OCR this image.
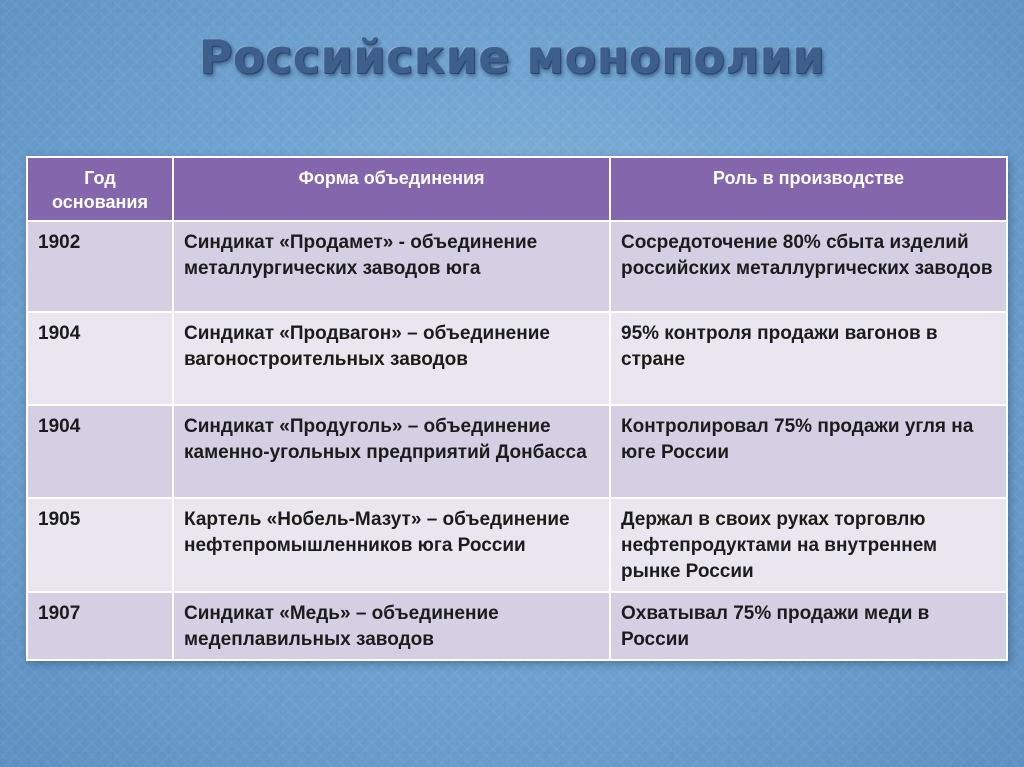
Российские монополии
Год основания	Форма объединения	Роль в производстве
1902	Синдикат «Продамет» - объединение металлургических заводов юга	Сосредоточение 80% сбыта изделий российских металлургических заводов
1904	Синдикат «Продвагон» – объединение вагоностроительных заводов	95% контроля продажи вагонов в стране
1904	Синдикат «Продуголь» – объединение каменно-угольных предприятий Донбасса	Контролировал 75% продажи угля на юге России
1905	Картель «Нобель-Мазут» – объединение нефтепромышленников юга России	Держал в своих руках торговлю нефтепродуктами на внутреннем рынке России
1907	Синдикат «Медь» – объединение медеплавильных заводов	Охватывал 75% продажи меди в России
